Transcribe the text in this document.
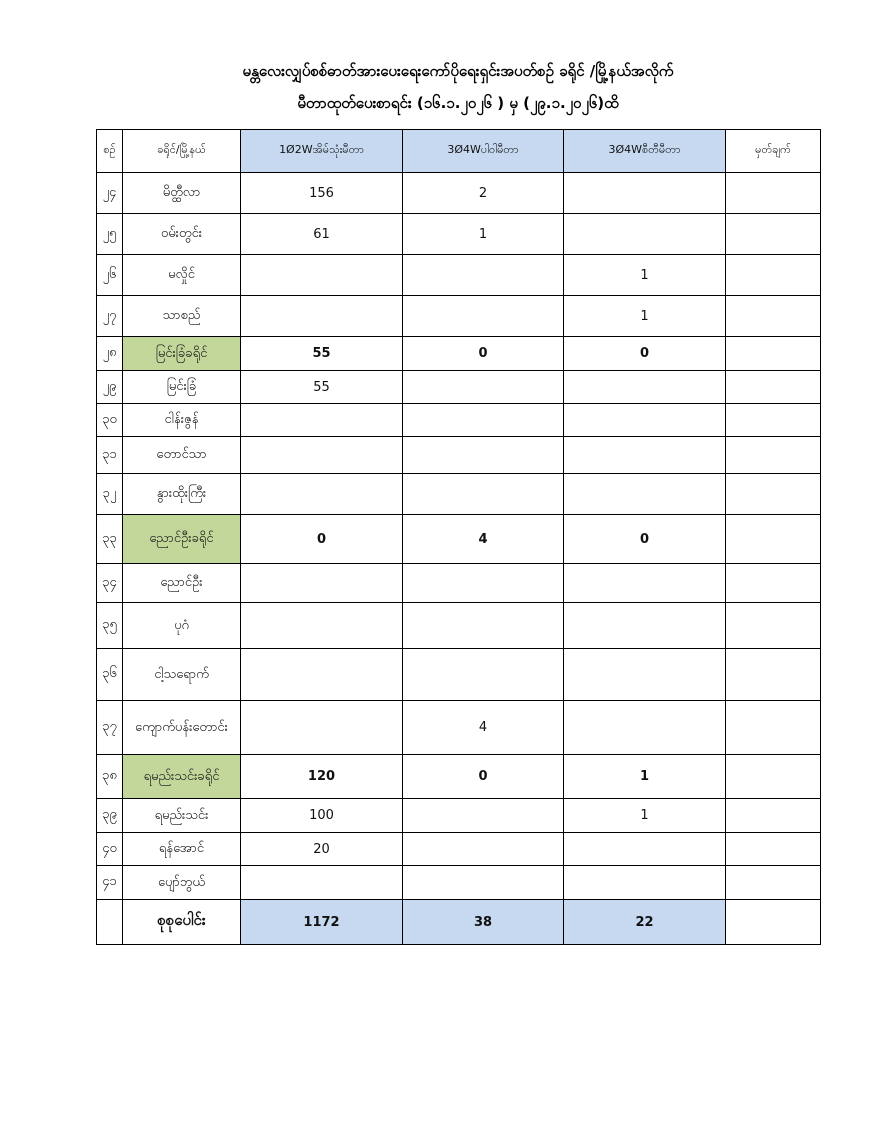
မန္တလေးလျှပ်စစ်ဓာတ်အားပေးရေးကော်ပိုရေးရှင်းအပတ်စဉ် ခရိုင် /မြို့နယ်အလိုက်
မီတာထုတ်ပေးစာရင်း (၁၆.၁.၂၀၂၆ ) မှ (၂၉.၁.၂၀၂၆)ထိ
စဉ်	ခရိုင်/မြို့နယ်	1Ø2Wအိမ်သုံးမီတာ	3Ø4Wပါဝါမီတာ	3Ø4Wစီတီမီတာ	မှတ်ချက်
၂၄	မိတ္ထီလာ	156	2		
၂၅	ဝမ်းတွင်း	61	1		
၂၆	မလှိုင်			1	
၂၇	သာစည်			1	
၂၈	မြင်းခြံခရိုင်	55	0	0	
၂၉	မြင်းခြံ	55			
၃၀	ငါန်းဇွန်				
၃၁	တောင်သာ				
၃၂	နွားထိုးကြီး				
၃၃	ညောင်ဦးခရိုင်	0	4	0	
၃၄	ညောင်ဦး				
၃၅	ပုဂံ				
၃၆	ငါ့သရောက်				
၃၇	ကျောက်ပန်းတောင်း		4		
၃၈	ရမည်းသင်းခရိုင်	120	0	1	
၃၉	ရမည်းသင်း	100		1	
၄၀	ရန်အောင်	20			
၄၁	ပျော်ဘွယ်				
	စုစုပေါင်း	1172	38	22	
